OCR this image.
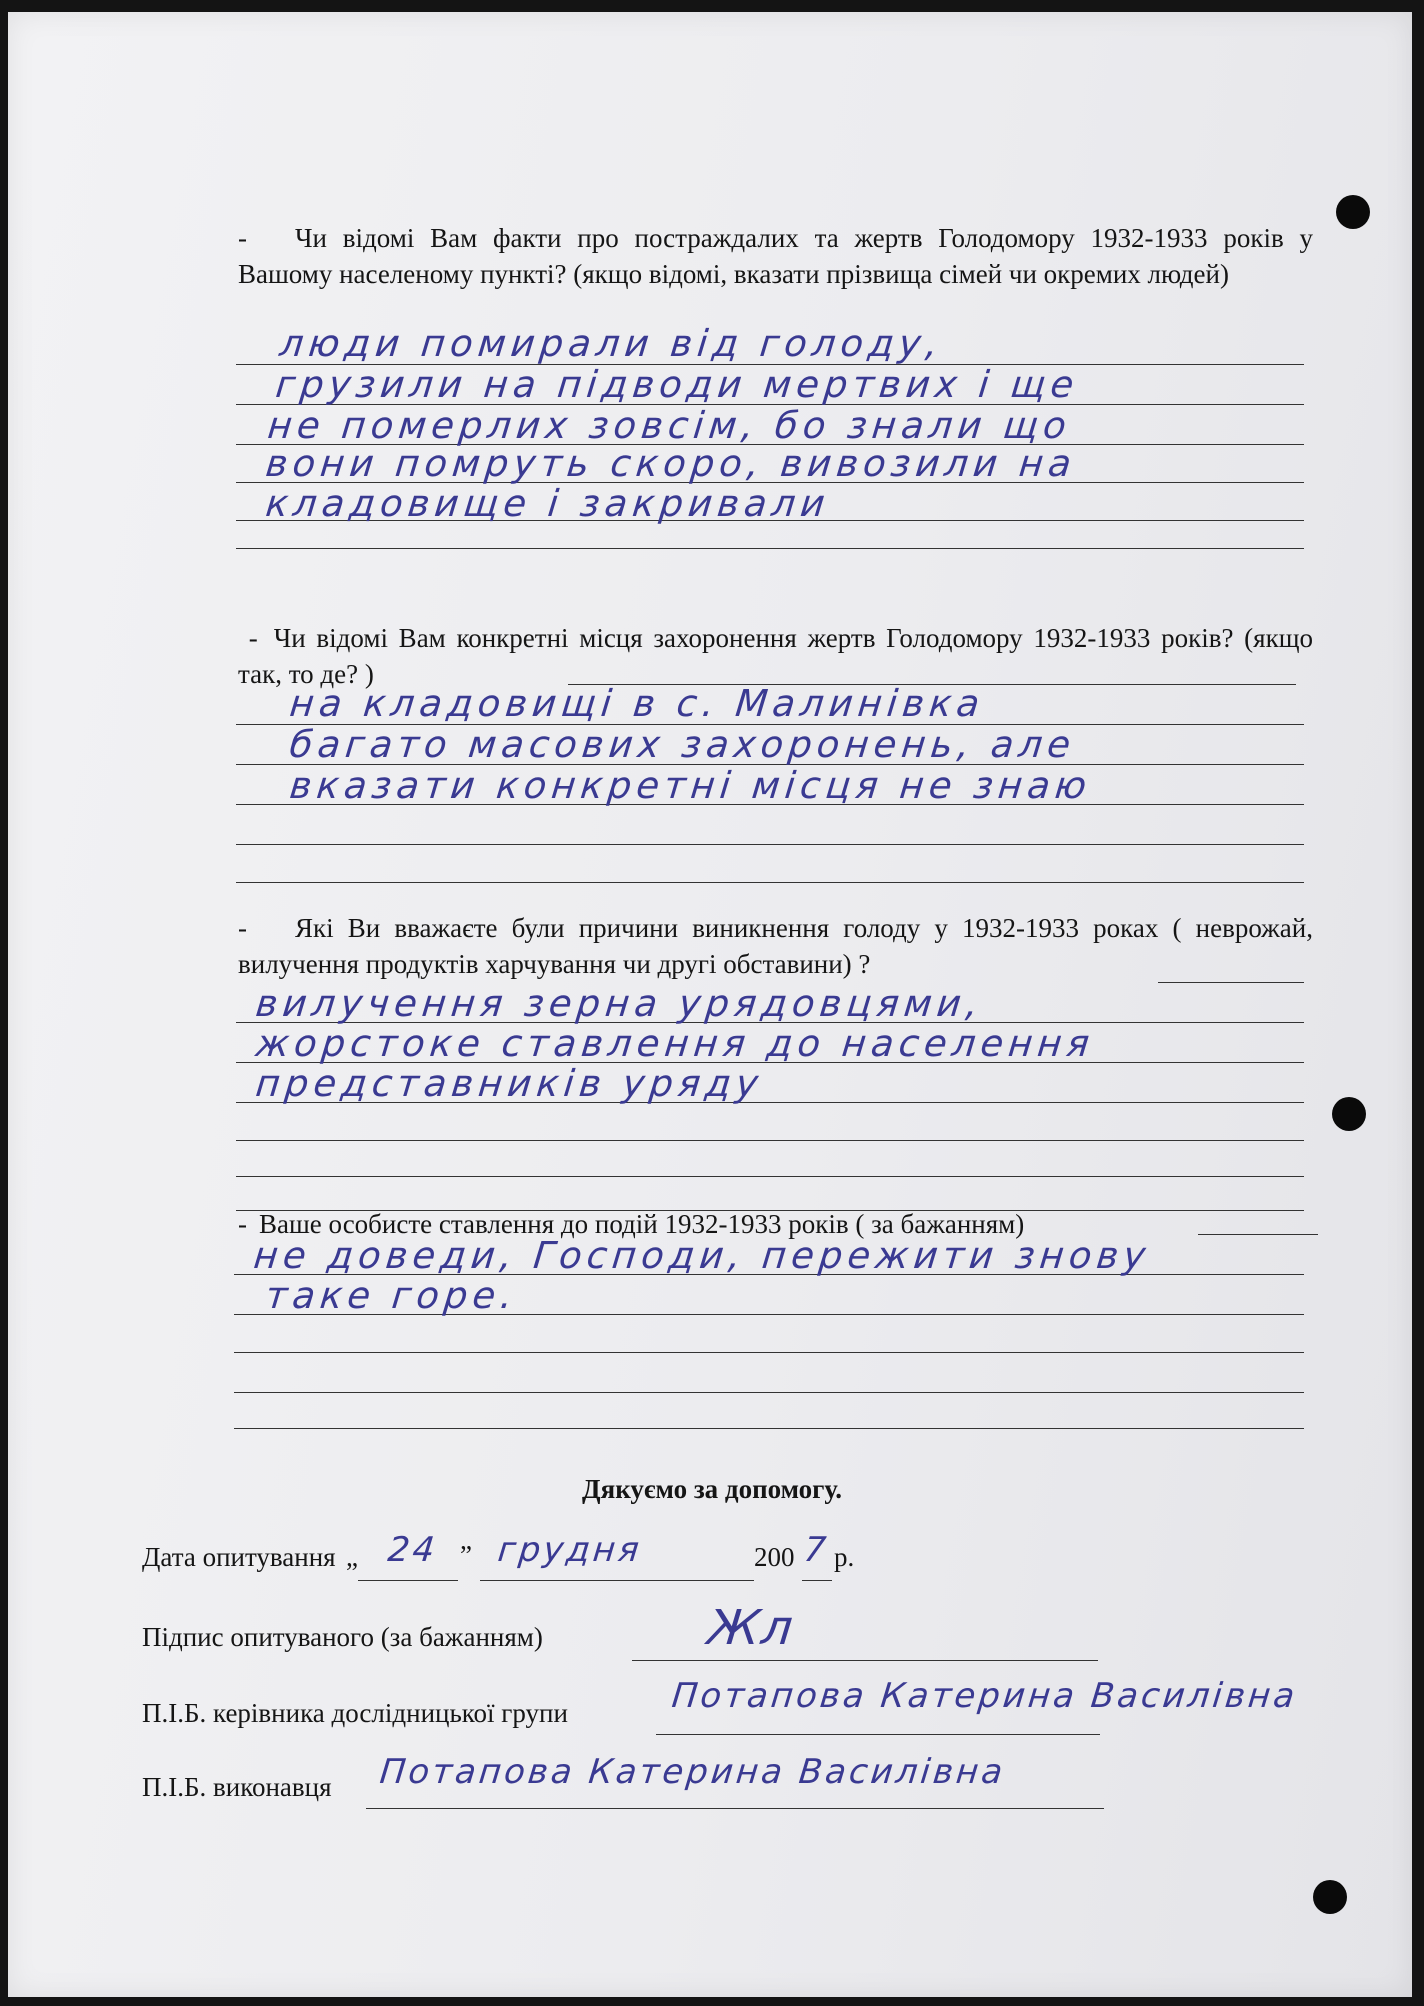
- Чи відомі Вам факти про постраждалих та жертв Голодомору 1932-1933 років у Вашому населеному пункті? (якщо відомі, вказати прізвища сімей чи окремих людей)
люди помирали від голоду,
грузили на підводи мертвих і ще
не померлих зовсім, бо знали що
вони помруть скоро, вивозили на
кладовище і закривали
- Чи відомі Вам конкретні місця захоронення жертв Голодомору 1932-1933 років? (якщо так, то де? )
на кладовищі в с. Малинівка
багато масових захоронень, але
вказати конкретні місця не знаю
- Які Ви вважаєте були причини виникнення голоду у 1932-1933 роках ( неврожай, вилучення продуктів харчування чи другі обставини) ?
вилучення зерна урядовцями,
жорстоке ставлення до населення
представників уряду
- Ваше особисте ставлення до подій 1932-1933 років ( за бажанням)
не доведи, Господи, пережити знову
таке горе.
Дякуємо за допомогу.
Дата опитування „ 24 ” грудня	200 7 р.
Підпис опитуваного (за бажанням)	Жл
П.І.Б. керівника дослідницької групи	Потапова Катерина Василівна
П.І.Б. виконавця Потапова Катерина Василівна
